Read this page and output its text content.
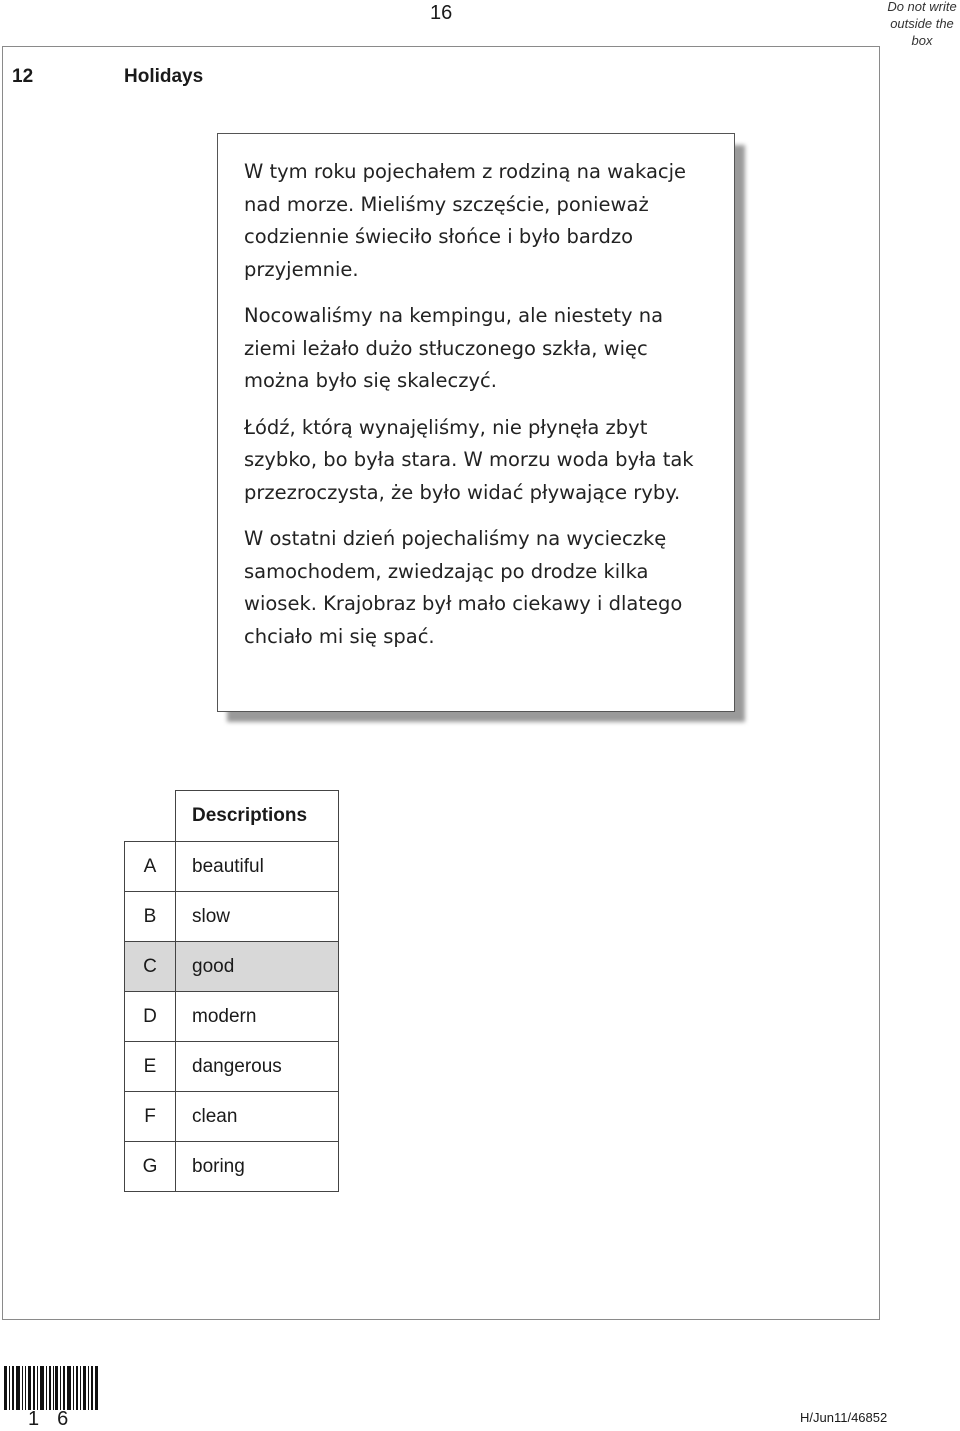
16	Do not write
outside the
box
12	Holidays

W tym roku pojechałem z rodziną na wakacje nad morze. Mieliśmy szczęście, ponieważ codziennie świeciło słońce i było bardzo przyjemnie.

Nocowaliśmy na kempingu, ale niestety na ziemi leżało dużo stłuczonego szkła, więc można było się skaleczyć.

Łódź, którą wynajęliśmy, nie płynęła zbyt szybko, bo była stara. W morzu woda była tak przezroczysta, że było widać pływające ryby.

W ostatni dzień pojechaliśmy na wycieczkę samochodem, zwiedzając po drodze kilka wiosek. Krajobraz był mało ciekawy i dlatego chciało mi się spać.

	Descriptions
A	beautiful
B	slow
C	good
D	modern
E	dangerous
F	clean
G	boring
16	H/Jun11/46852
